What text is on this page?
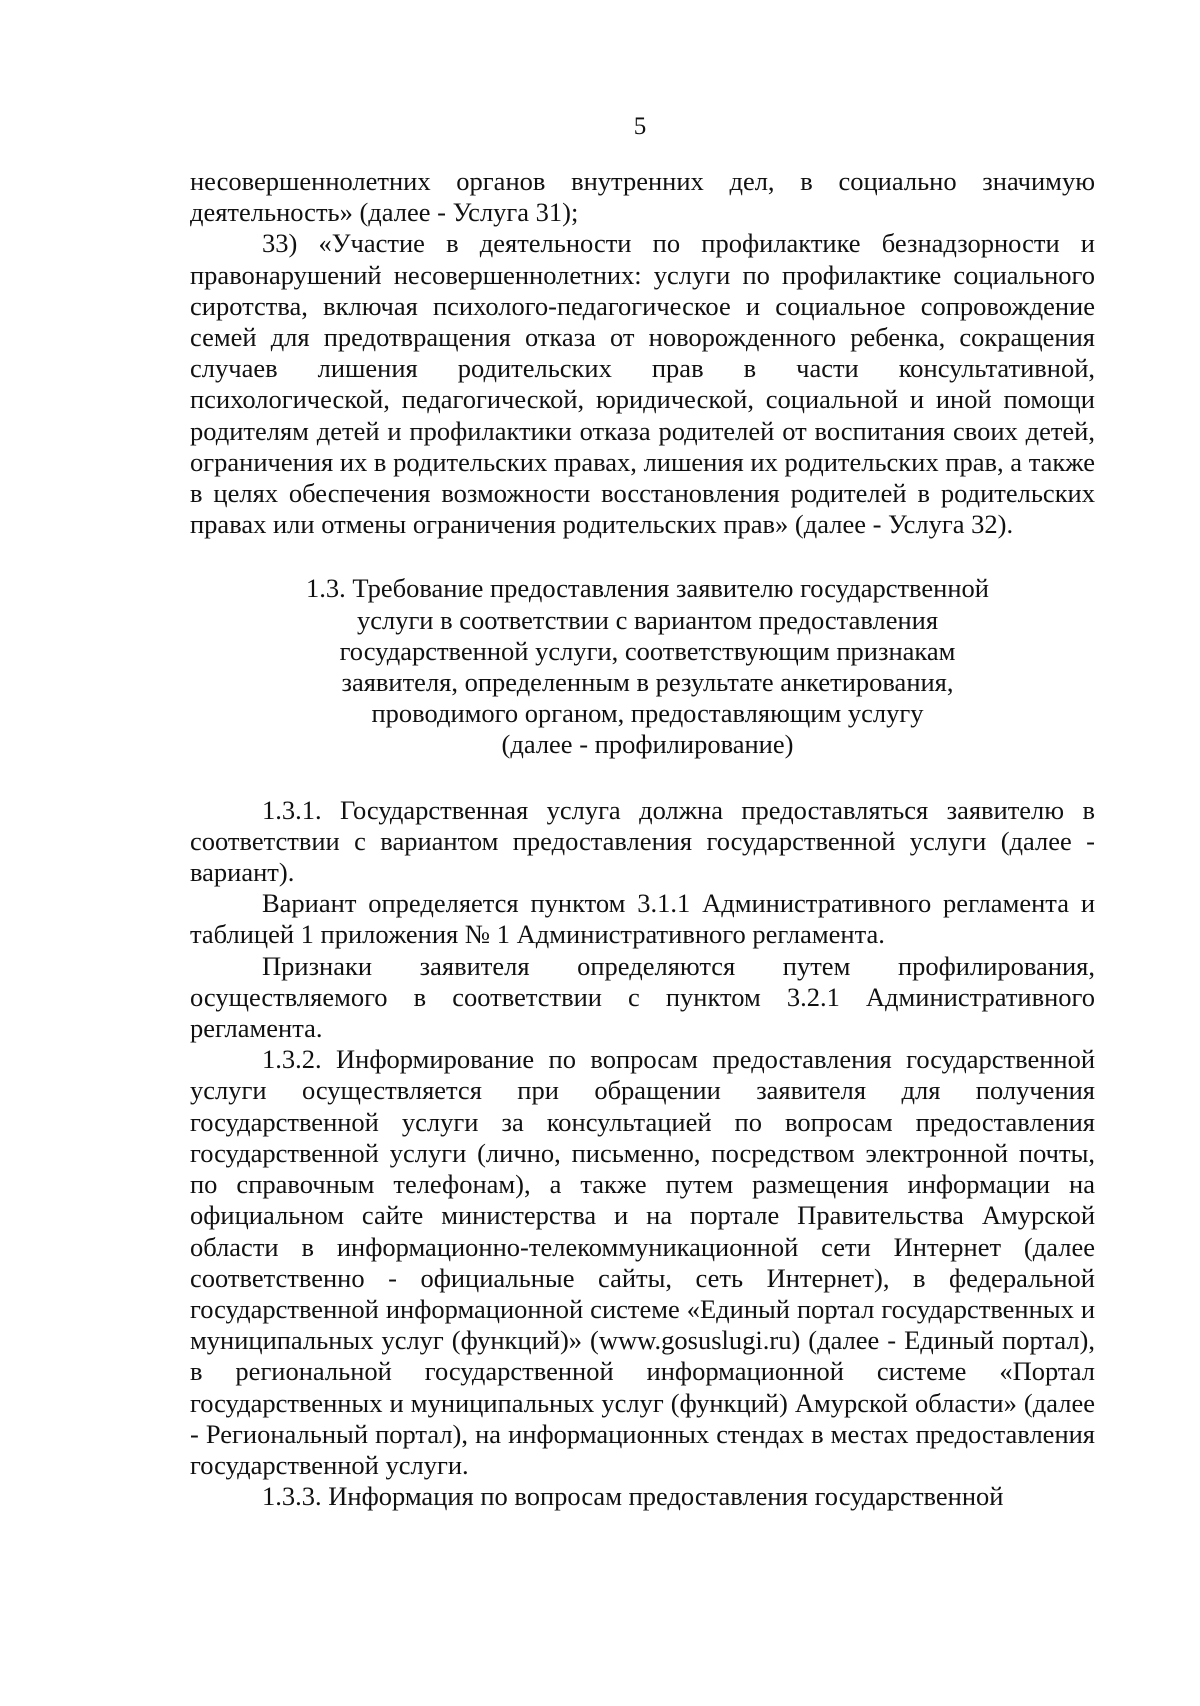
5

несовершеннолетних органов внутренних дел, в социально значимую деятельность» (далее - Услуга 31);

33) «Участие в деятельности по профилактике безнадзорности и правонарушений несовершеннолетних: услуги по профилактике социального сиротства, включая психолого-педагогическое и социальное сопровождение семей для предотвращения отказа от новорожденного ребенка, сокращения случаев лишения родительских прав в части консультативной, психологической, педагогической, юридической, социальной и иной помощи родителям детей и профилактики отказа родителей от воспитания своих детей, ограничения их в родительских правах, лишения их родительских прав, а также в целях обеспечения возможности восстановления родителей в родительских правах или отмены ограничения родительских прав» (далее - Услуга 32).

1.3. Требование предоставления заявителю государственной
услуги в соответствии с вариантом предоставления
государственной услуги, соответствующим признакам
заявителя, определенным в результате анкетирования,
проводимого органом, предоставляющим услугу
(далее - профилирование)

1.3.1. Государственная услуга должна предоставляться заявителю в соответствии с вариантом предоставления государственной услуги (далее - вариант).

Вариант определяется пунктом 3.1.1 Административного регламента и таблицей 1 приложения № 1 Административного регламента.

Признаки заявителя определяются путем профилирования, осуществляемого в соответствии с пунктом 3.2.1 Административного регламента.

1.3.2. Информирование по вопросам предоставления государственной услуги осуществляется при обращении заявителя для получения государственной услуги за консультацией по вопросам предоставления государственной услуги (лично, письменно, посредством электронной почты, по справочным телефонам), а также путем размещения информации на официальном сайте министерства и на портале Правительства Амурской области в информационно-телекоммуникационной сети Интернет (далее соответственно - официальные сайты, сеть Интернет), в федеральной государственной информационной системе «Единый портал государственных и муниципальных услуг (функций)» (www.gosuslugi.ru) (далее - Единый портал), в региональной государственной информационной системе «Портал государственных и муниципальных услуг (функций) Амурской области» (далее - Региональный портал), на информационных стендах в местах предоставления государственной услуги.

1.3.3. Информация по вопросам предоставления государственной
